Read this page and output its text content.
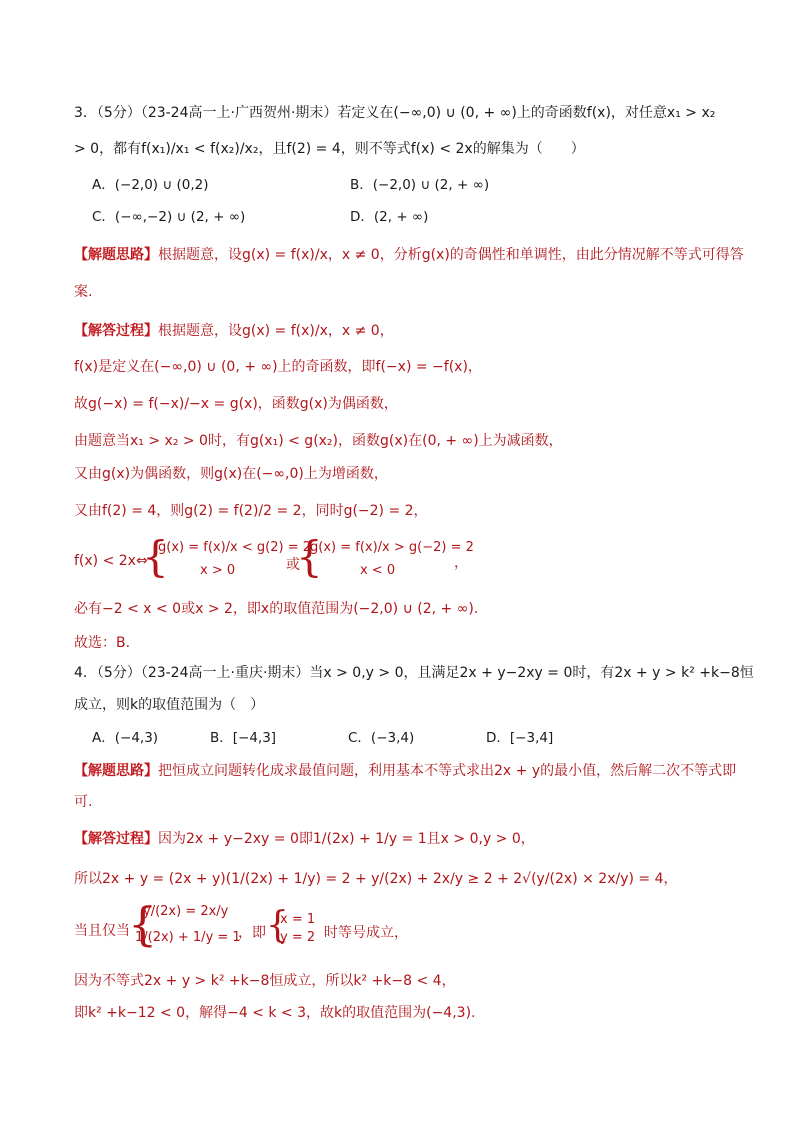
3．（5分）（23-24高一上·广西贺州·期末）若定义在(−∞,0) ∪ (0, + ∞)上的奇函数f(x)，对任意x₁ > x₂
> 0，都有f(x₁)/x₁ < f(x₂)/x₂，且f(2) = 4，则不等式f(x) < 2x的解集为（　　）
A．(−2,0) ∪ (0,2)	B．(−2,0) ∪ (2, + ∞)
C．(−∞,−2) ∪ (2, + ∞)	D．(2, + ∞)
【解题思路】根据题意，设g(x) = f(x)/x，x ≠ 0，分析g(x)的奇偶性和单调性，由此分情况解不等式可得答
案.
【解答过程】根据题意，设g(x) = f(x)/x，x ≠ 0，
f(x)是定义在(−∞,0) ∪ (0, + ∞)上的奇函数，即f(−x) = −f(x)，
故g(−x) = f(−x)/−x = g(x)，函数g(x)为偶函数，
由题意当x₁ > x₂ > 0时，有g(x₁) < g(x₂)，函数g(x)在(0, + ∞)上为减函数，
又由g(x)为偶函数，则g(x)在(−∞,0)上为增函数，
又由f(2) = 4，则g(2) = f(2)/2 = 2，同时g(−2) = 2，
f(x) < 2x⇔
{
g(x) = f(x)/x < g(2) = 2
x > 0	或
{
g(x) = f(x)/x > g(−2) = 2
x < 0	，
必有−2 < x < 0或x > 2，即x的取值范围为(−2,0) ∪ (2, + ∞).
故选：B．
4．（5分）（23-24高一上·重庆·期末）当x > 0,y > 0，且满足2x + y−2xy = 0时，有2x + y > k² +k−8恒
成立，则k的取值范围为（　）
A．(−4,3)	B．[−4,3]	C．(−3,4)	D．[−3,4]
【解题思路】把恒成立问题转化成求最值问题，利用基本不等式求出2x + y的最小值，然后解二次不等式即
可.
【解答过程】因为2x + y−2xy = 0即1/(2x) + 1/y = 1且x > 0,y > 0，
所以2x + y = (2x + y)(1/(2x) + 1/y) = 2 + y/(2x) + 2x/y ≥ 2 + 2√(y/(2x) × 2x/y) = 4，
当且仅当
{
y/(2x) = 2x/y
1/(2x) + 1/y = 1
，即 {
x = 1
y = 2 时等号成立，
因为不等式2x + y > k² +k−8恒成立，所以k² +k−8 < 4，
即k² +k−12 < 0，解得−4 < k < 3，故k的取值范围为(−4,3).
